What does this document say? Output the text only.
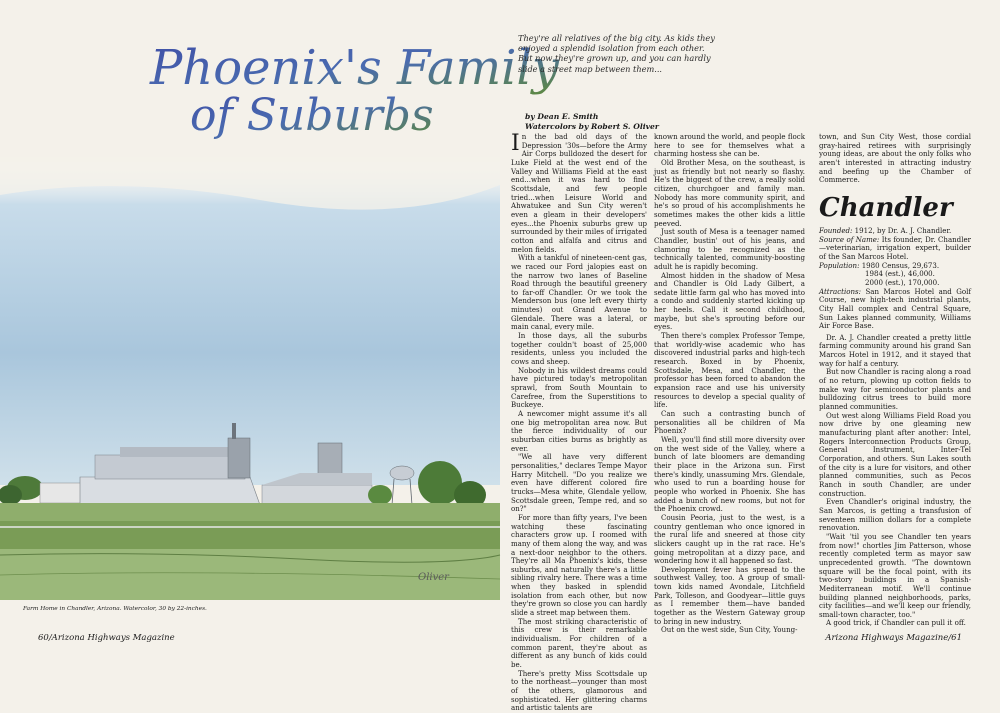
Phoenix's Family
of Suburbs
They're all relatives of the big city. As kids they enjoyed a splendid isolation from each other. But now they're grown up, and you can hardly slide a street map between them...
by Dean E. Smith
Watercolors by Robert S. Oliver
Oliver
Farm Home in Chandler, Arizona. Watercolor, 30 by 22-inches.

In the bad old days of the Depression '30s—before the Army Air Corps bulldozed the desert for Luke Field at the west end of the Valley and Williams Field at the east end...when it was hard to find Scottsdale, and few people tried...when Leisure World and Ahwatukee and Sun City weren't even a gleam in their developers' eyes...the Phoenix suburbs grew up surrounded by their miles of irrigated cotton and alfalfa and citrus and melon fields.

With a tankful of nineteen-cent gas, we raced our Ford jalopies east on the narrow two lanes of Baseline Road through the beautiful greenery to far-off Chandler. Or we took the Menderson bus (one left every thirty minutes) out Grand Avenue to Glendale. There was a lateral, or main canal, every mile.

In those days, all the suburbs together couldn't boast of 25,000 residents, unless you included the cows and sheep.

Nobody in his wildest dreams could have pictured today's metropolitan sprawl, from South Mountain to Carefree, from the Superstitions to Buckeye.

A newcomer might assume it's all one big metropolitan area now. But the fierce individuality of our suburban cities burns as brightly as ever.

"We all have very different personalities," declares Tempe Mayor Harry Mitchell. "Do you realize we even have different colored fire trucks—Mesa white, Glendale yellow, Scottsdale green, Tempe red, and so on?"

For more than fifty years, I've been watching these fascinating characters grow up. I roomed with many of them along the way, and was a next-door neighbor to the others. They're all Ma Phoenix's kids, these suburbs, and naturally there's a little sibling rivalry here. There was a time when they basked in splendid isolation from each other, but now they're grown so close you can hardly slide a street map between them.

The most striking characteristic of this crew is their remarkable individualism. For children of a common parent, they're about as different as any bunch of kids could be.

There's pretty Miss Scottsdale up to the northeast—younger than most of the others, glamorous and sophisticated. Her glittering charms and artistic talents are

known around the world, and people flock here to see for themselves what a charming hostess she can be.

Old Brother Mesa, on the southeast, is just as friendly but not nearly so flashy. He's the biggest of the crew, a really solid citizen, churchgoer and family man. Nobody has more community spirit, and he's so proud of his accomplishments he sometimes makes the other kids a little peeved.

Just south of Mesa is a teenager named Chandler, bustin' out of his jeans, and clamoring to be recognized as the technically talented, community-boosting adult he is rapidly becoming.

Almost hidden in the shadow of Mesa and Chandler is Old Lady Gilbert, a sedate little farm gal who has moved into a condo and suddenly started kicking up her heels. Call it second childhood, maybe, but she's sprouting before our eyes.

Then there's complex Professor Tempe, that worldly-wise academic who has discovered industrial parks and high-tech research. Boxed in by Phoenix, Scottsdale, Mesa, and Chandler, the professor has been forced to abandon the expansion race and use his university resources to develop a special quality of life.

Can such a contrasting bunch of personalities all be children of Ma Phoenix?

Well, you'll find still more diversity over on the west side of the Valley, where a bunch of late bloomers are demanding their place in the Arizona sun. First there's kindly, unassuming Mrs. Glendale, who used to run a boarding house for people who worked in Phoenix. She has added a bunch of new rooms, but not for the Phoenix crowd.

Cousin Peoria, just to the west, is a country gentleman who once ignored in the rural life and sneered at those city slickers caught up in the rat race. He's going metropolitan at a dizzy pace, and wondering how it all happened so fast.

Development fever has spread to the southwest Valley, too. A group of small-town kids named Avondale, Litchfield Park, Tolleson, and Goodyear—little guys as I remember them—have banded together as the Western Gateway group to bring in new industry.

Out on the west side, Sun City, Young-

town, and Sun City West, those cordial gray-haired retirees with surprisingly young ideas, are about the only folks who aren't interested in attracting industry and beefing up the Chamber of Commerce.

Chandler
Founded: 1912, by Dr. A. J. Chandler.
Source of Name: Its founder, Dr. Chandler—veterinarian, irrigation expert, builder of the San Marcos Hotel.
Population: 1980 Census, 29,673.
1984 (est.), 46,000.
2000 (est.), 170,000.
Attractions: San Marcos Hotel and Golf Course, new high-tech industrial plants, City Hall complex and Central Square, Sun Lakes planned community, Williams Air Force Base.

Dr. A. J. Chandler created a pretty little farming community around his grand San Marcos Hotel in 1912, and it stayed that way for half a century.

But now Chandler is racing along a road of no return, plowing up cotton fields to make way for semiconductor plants and bulldozing citrus trees to build more planned communities.

Out west along Williams Field Road you now drive by one gleaming new manufacturing plant after another: Intel, Rogers Interconnection Products Group, General Instrument, Inter-Tel Corporation, and others. Sun Lakes south of the city is a lure for visitors, and other planned communities, such as Pecos Ranch in south Chandler, are under construction.

Even Chandler's original industry, the San Marcos, is getting a transfusion of seventeen million dollars for a complete renovation.

"Wait 'til you see Chandler ten years from now!" chortles Jim Patterson, whose recently completed term as mayor saw unprecedented growth. "The downtown square will be the focal point, with its two-story buildings in a Spanish-Mediterranean motif. We'll continue building planned neighborhoods, parks, city facilities—and we'll keep our friendly, small-town character, too."

A good trick, if Chandler can pull it off.

60/Arizona Highways Magazine	Arizona Highways Magazine/61
